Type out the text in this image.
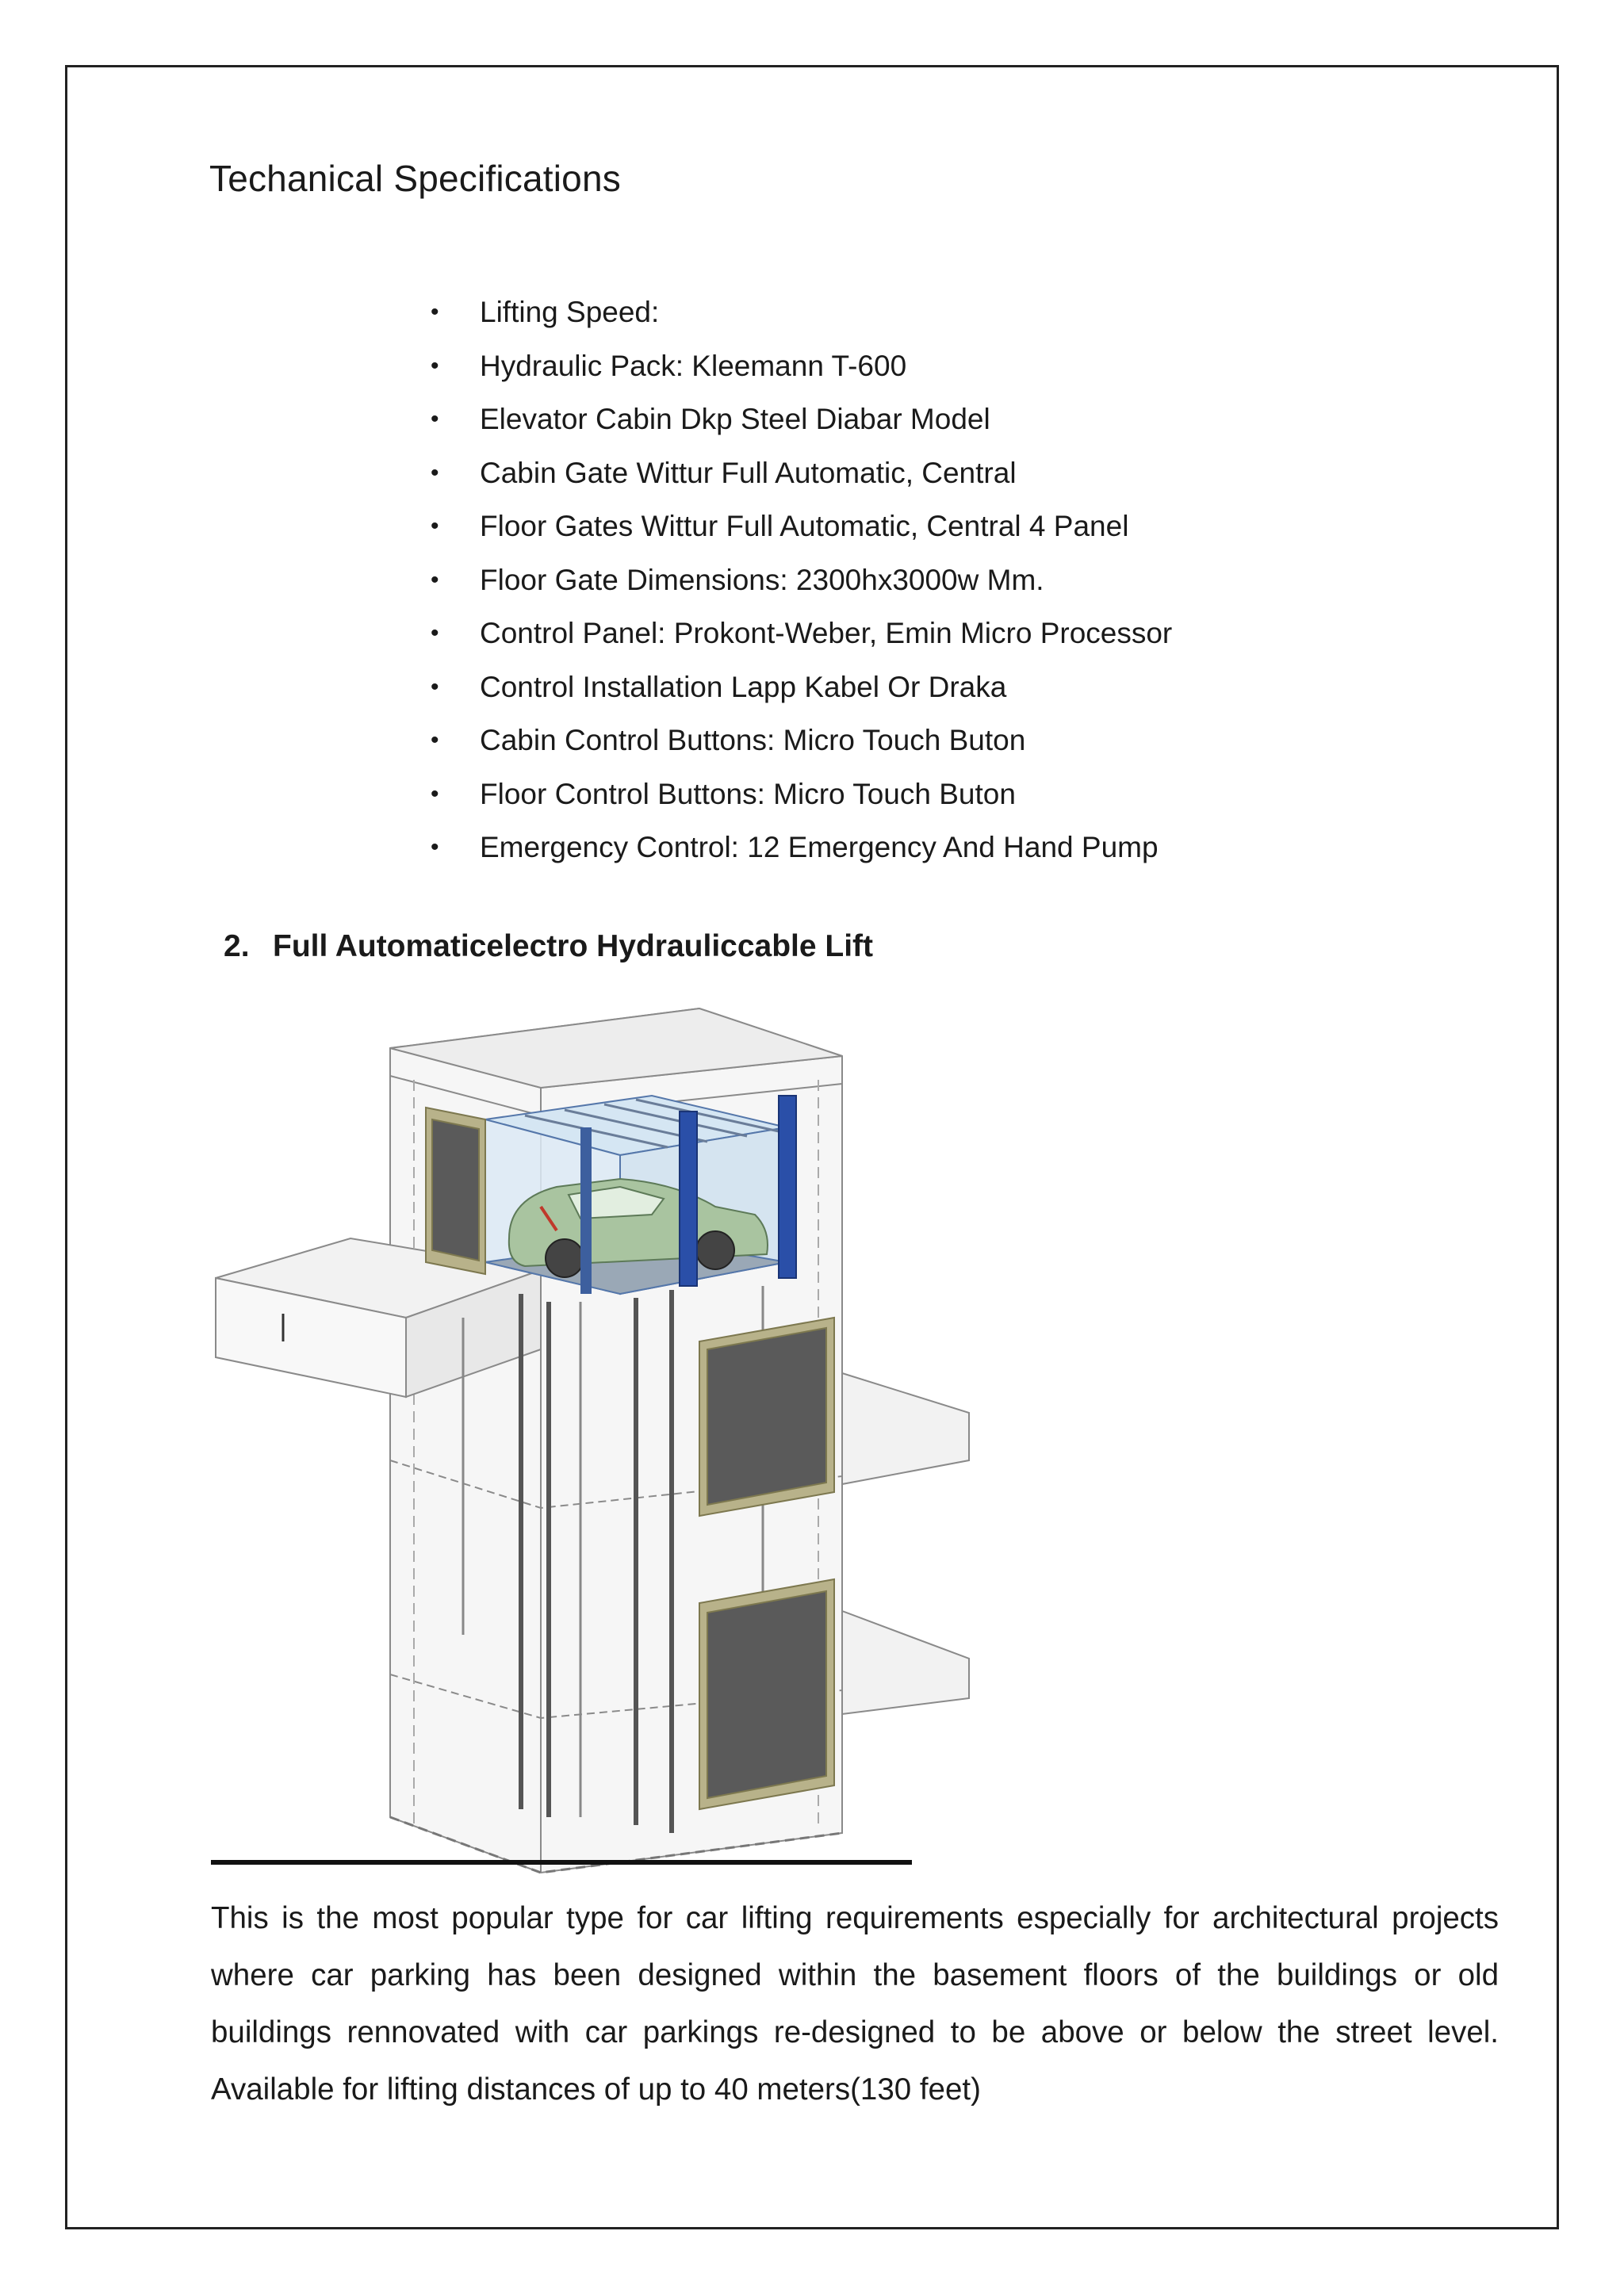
Techanical Specifications
• Lifting Speed:
• Hydraulic Pack: Kleemann T-600
• Elevator Cabin Dkp Steel Diabar Model
• Cabin Gate Wittur Full Automatic, Central
• Floor Gates Wittur Full Automatic, Central 4 Panel
• Floor Gate Dimensions: 2300hx3000w Mm.
• Control Panel: Prokont-Weber, Emin Micro Processor
• Control Installation Lapp Kabel Or Draka
• Cabin Control Buttons: Micro Touch Buton
• Floor Control Buttons: Micro Touch Buton
• Emergency Control: 12 Emergency And Hand Pump
2. Full Automaticelectro Hydrauliccable Lift

This is the most popular type for car lifting requirements especially for architectural projects where car parking has been designed within the basement floors of the buildings or old buildings rennovated with car parkings re-designed to be above or below the street level. Available for lifting distances of up to 40 meters(130 feet)
